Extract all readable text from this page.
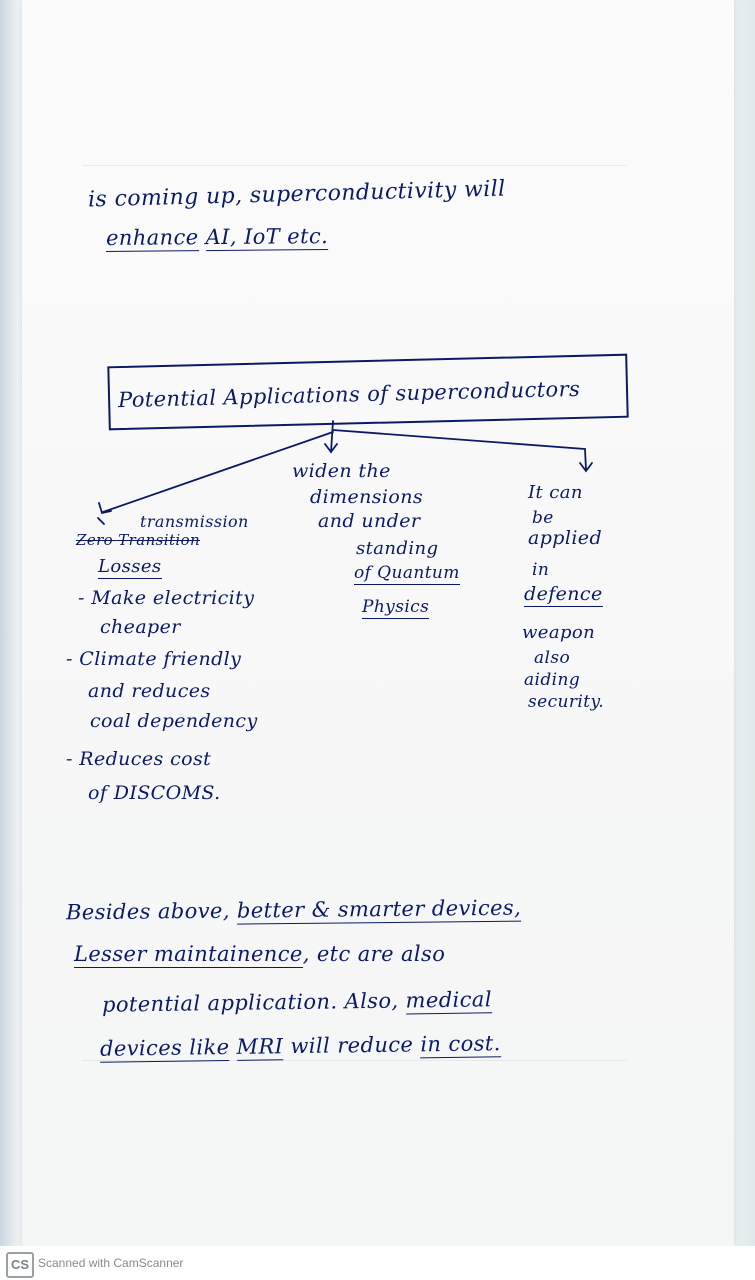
is coming up, superconductivity will
enhance AI, IoT etc.
Potential Applications of superconductors
transmission
Zero Transition
Losses
- Make electricity
cheaper
- Climate friendly
and reduces
coal dependency
- Reduces cost
of DISCOMS.
widen the
dimensions
and under
standing
of Quantum
Physics
It can
be
applied
in
defence
weapon
also
aiding
security.
Besides above, better & smarter devices,
Lesser maintainence, etc are also
potential application. Also, medical
devices like MRI will reduce in cost.
CS Scanned with CamScanner
